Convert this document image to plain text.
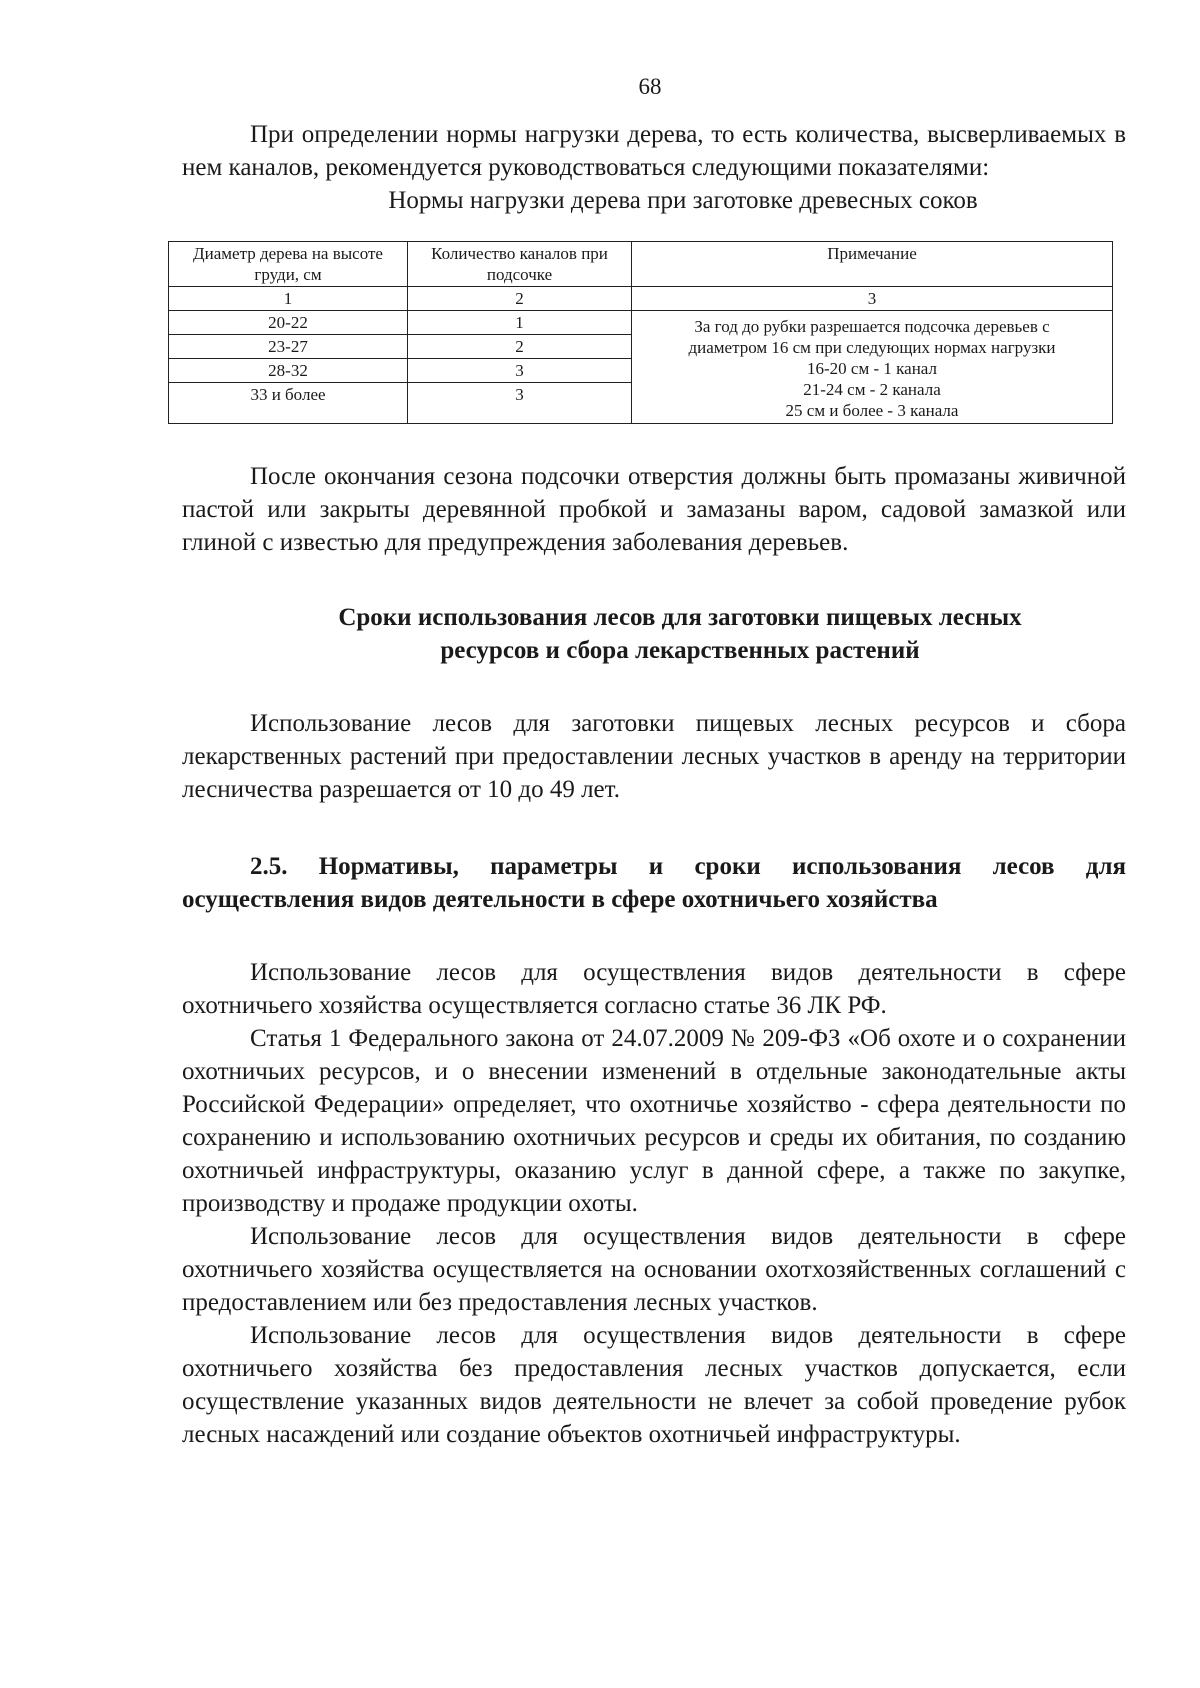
68

При определении нормы нагрузки дерева, то есть количества, высверливаемых в нем каналов, рекомендуется руководствоваться следующими показателями:

Нормы нагрузки дерева при заготовке древесных соков
Диаметр дерева на высоте груди, см	Количество каналов при подсочке	Примечание
1	2	3
20-22	1	За год до рубки разрешается подсочка деревьев с
диаметром 16 см при следующих нормах нагрузки
16-20 см - 1 канал
21-24 см - 2 канала
25 см и более - 3 канала

23-27	2	
28-32	3	
33 и более	3	

После окончания сезона подсочки отверстия должны быть промазаны живичной пастой или закрыты деревянной пробкой и замазаны варом, садовой замазкой или глиной с известью для предупреждения заболевания деревьев.

Сроки использования лесов для заготовки пищевых лесных
ресурсов и сбора лекарственных растений

Использование лесов для заготовки пищевых лесных ресурсов и сбора лекарственных растений при предоставлении лесных участков в аренду на территории лесничества разрешается от 10 до 49 лет.

2.5. Нормативы, параметры и сроки использования лесов для осуществления видов деятельности в сфере охотничьего хозяйства

Использование лесов для осуществления видов деятельности в сфере охотничьего хозяйства осуществляется согласно статье 36 ЛК РФ.

Статья 1 Федерального закона от 24.07.2009 № 209-ФЗ «Об охоте и о сохранении охотничьих ресурсов, и о внесении изменений в отдельные законодательные акты Российской Федерации» определяет, что охотничье хозяйство - сфера деятельности по сохранению и использованию охотничьих ресурсов и среды их обитания, по созданию охотничьей инфраструктуры, оказанию услуг в данной сфере, а также по закупке, производству и продаже продукции охоты.

Использование лесов для осуществления видов деятельности в сфере охотничьего хозяйства осуществляется на основании охотхозяйственных соглашений с предоставлением или без предоставления лесных участков.

Использование лесов для осуществления видов деятельности в сфере охотничьего хозяйства без предоставления лесных участков допускается, если осуществление указанных видов деятельности не влечет за собой проведение рубок лесных насаждений или создание объектов охотничьей инфраструктуры.
